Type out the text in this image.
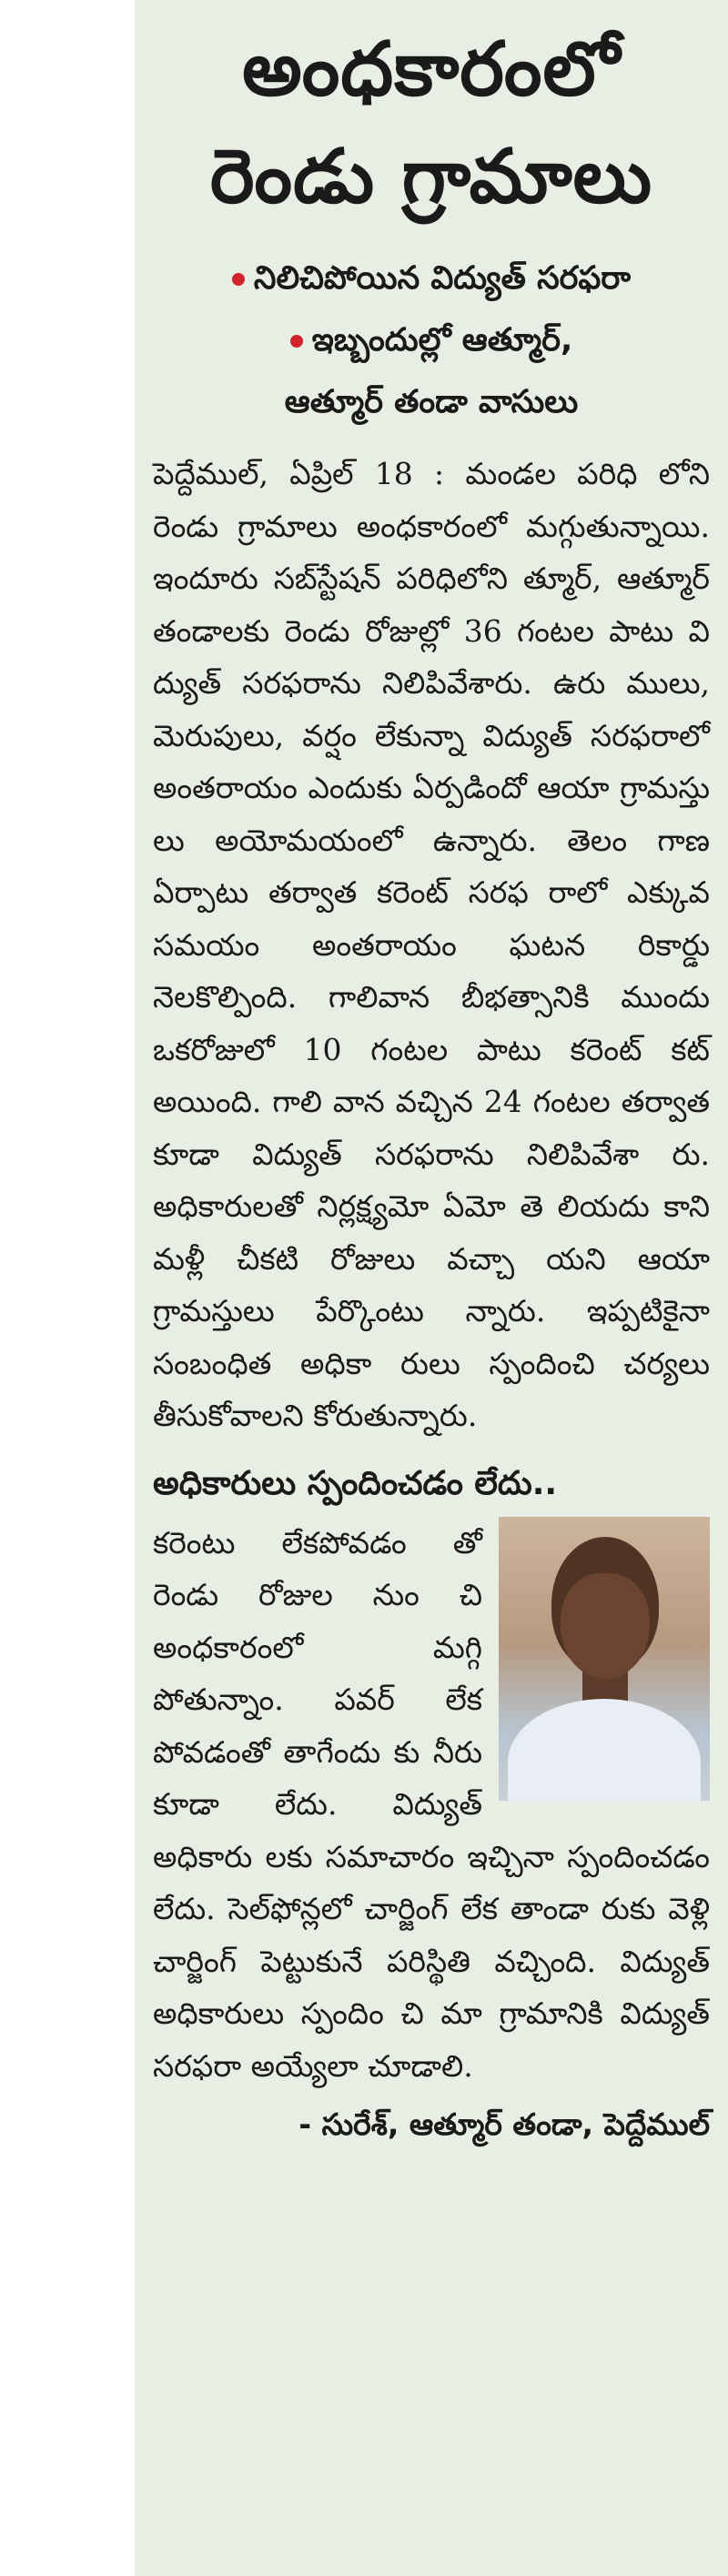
అంధకారంలో
రెండు గ్రామాలు
నిలిచిపోయిన విద్యుత్ సరఫరా
ఇబ్బందుల్లో ఆత్మూర్,
ఆత్మూర్ తండా వాసులు
పెద్దేముల్, ఏప్రిల్ 18 : మండల పరిధి లోని రెండు గ్రామాలు అంధకారంలో మగ్గుతున్నాయి. ఇందూరు సబ్‌స్టేషన్ పరిధిలోని త్మూర్, ఆత్మూర్ తండాలకు రెండు రోజుల్లో 36 గంటల పాటు వి ద్యుత్ సరఫరాను నిలిపివేశారు. ఉరు ములు, మెరుపులు, వర్షం లేకున్నా విద్యుత్ సరఫరాలో అంతరాయం ఎందుకు ఏర్పడిందో ఆయా గ్రామస్తు లు అయోమయంలో ఉన్నారు. తెలం గాణ ఏర్పాటు తర్వాత కరెంట్ సరఫ రాలో ఎక్కువ సమయం అంతరాయం ఘటన రికార్డు నెలకొల్పింది. గాలివాన బీభత్సానికి ముందు ఒకరోజులో 10 గంటల పాటు కరెంట్ కట్ అయింది. గాలి వాన వచ్చిన 24 గంటల తర్వాత కూడా విద్యుత్ సరఫరాను నిలిపివేశా రు. అధికారులతో నిర్లక్ష్యమో ఏమో తె లియదు కాని మళ్లీ చీకటి రోజులు వచ్చా యని ఆయా గ్రామస్తులు పేర్కొంటు న్నారు. ఇప్పటికైనా సంబంధిత అధికా రులు స్పందించి చర్యలు తీసుకోవాలని కోరుతున్నారు.
అధికారులు స్పందించడం లేదు..
కరెంటు లేకపోవడం తో రెండు రోజుల నుం చి అంధకారంలో మగ్గి పోతున్నాం. పవర్ లేక పోవడంతో తాగేందు కు నీరు కూడా లేదు. విద్యుత్ అధికారు లకు సమాచారం ఇచ్చినా స్పందించడం లేదు. సెల్‌ఫోన్లలో చార్జింగ్ లేక తాండా రుకు వెళ్లి చార్జింగ్ పెట్టుకునే పరిస్థితి వచ్చింది. విద్యుత్ అధికారులు స్పందిం చి మా గ్రామానికి విద్యుత్ సరఫరా అయ్యేలా చూడాలి.
- సురేశ్, ఆత్మూర్ తండా, పెద్దేముల్
